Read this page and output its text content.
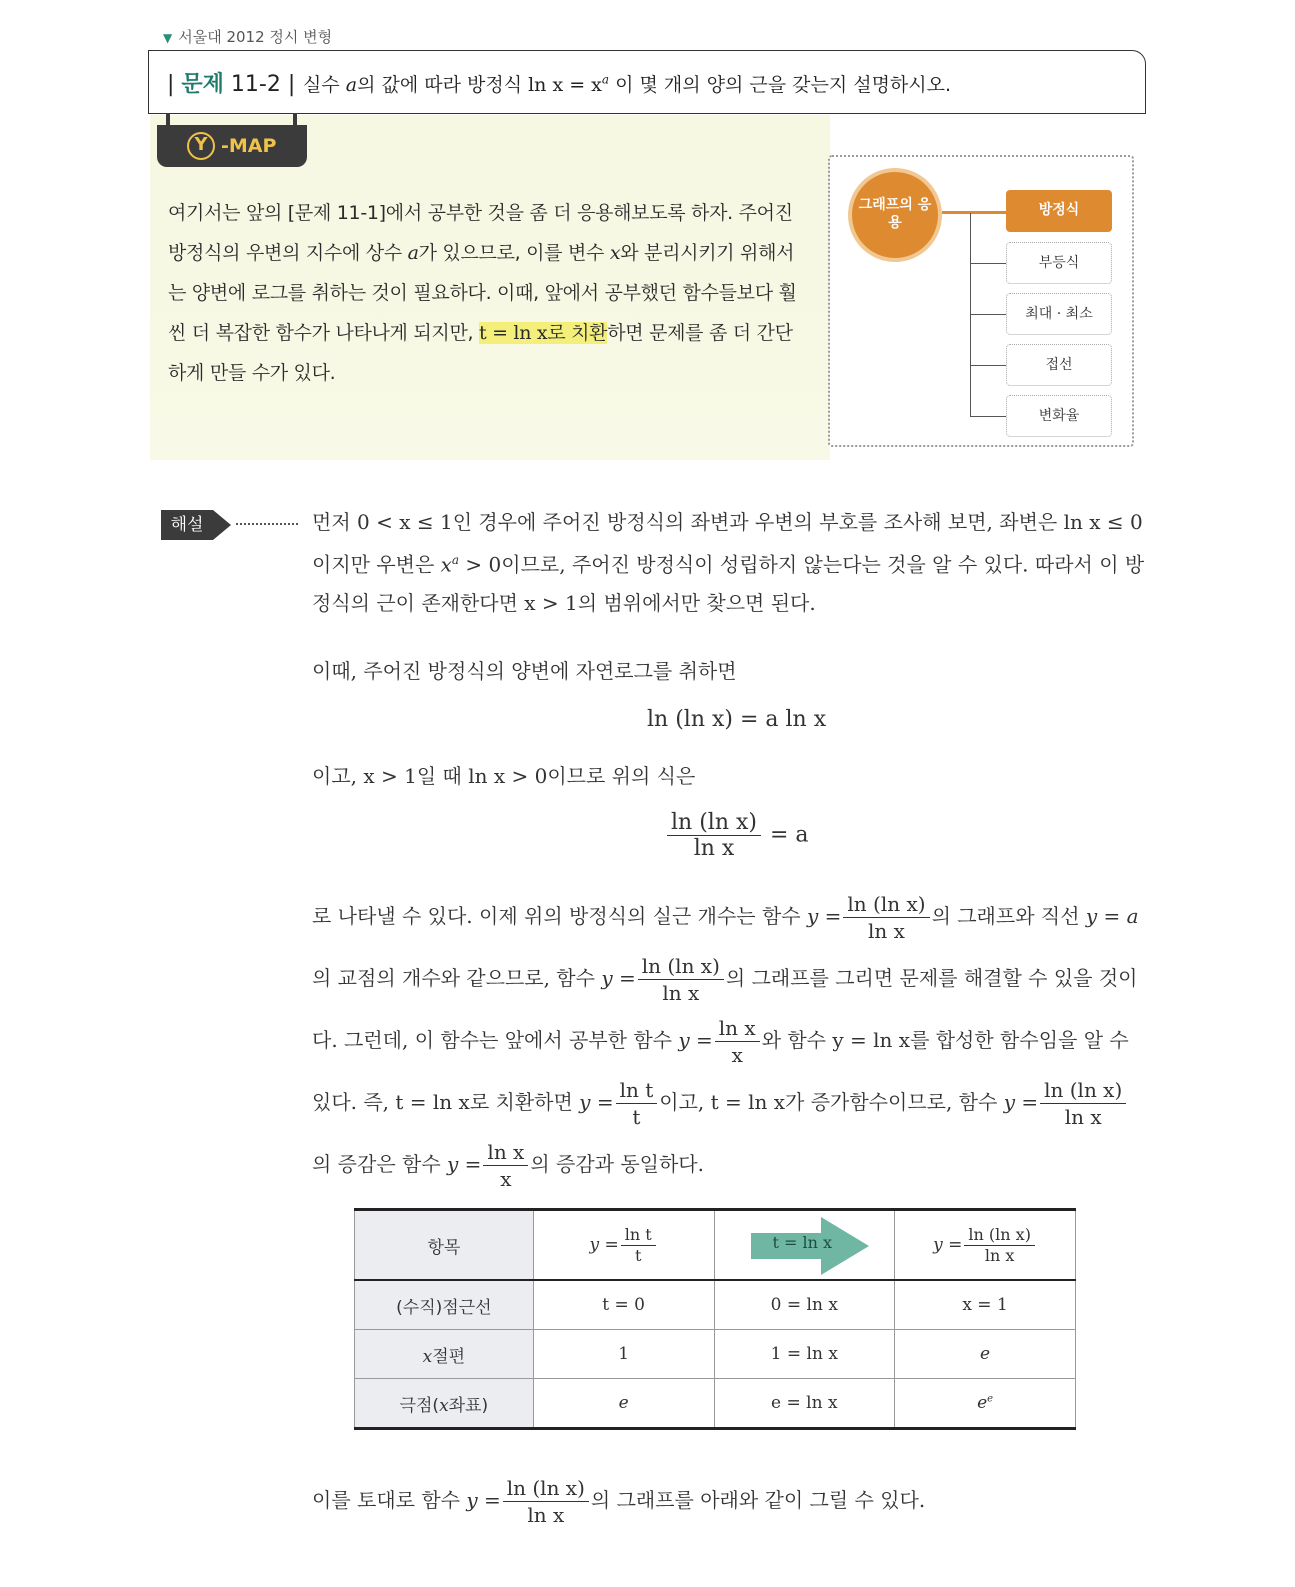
▼ 서울대 2012 정시 변형
| 문제 11-2 | 실수 a의 값에 따라 방정식 $\ln x = x^a$ 이 몇 개의 양의 근을 갖는지 설명하시오.
Y -MAP
여기서는 앞의 [문제 11-1]에서 공부한 것을 좀 더 응용해보도록 하자. 주어진 방정식의 우변의 지수에 상수 a가 있으므로, 이를 변수 x와 분리시키기 위해서는 양변에 로그를 취하는 것이 필요하다. 이때, 앞에서 공부했던 함수들보다 훨씬 더 복잡한 함수가 나타나게 되지만, t = ln x로 치환하면 문제를 좀 더 간단하게 만들 수가 있다.
그래프의 응용
방정식
부등식
최대 · 최소
접선
변화율
해설	먼저 0 < x ≤ 1인 경우에 주어진 방정식의 좌변과 우변의 부호를 조사해 보면, 좌변은 ln x ≤ 0이지만 우변은 $x^a > 0$이므로, 주어진 방정식이 성립하지 않는다는 것을 알 수 있다. 따라서 이 방정식의 근이 존재한다면 x > 1의 범위에서만 찾으면 된다.
이때, 주어진 방정식의 양변에 자연로그를 취하면
ln (ln x) = a ln x
이고, x > 1일 때 ln x > 0이므로 위의 식은
$\frac{\text{ln (ln x)}}{\text{ln x}} = a$
로 나타낼 수 있다. 이제 위의 방정식의 실근 개수는 함수 $y = \frac{\text{ln (ln x)}}{\text{ln x}}$ 의 그래프와 직선 y = a의 교점의 개수와 같으므로, 함수 $y = \frac{\text{ln (ln x)}}{\text{ln x}}$ 의 그래프를 그리면 문제를 해결할 수 있을 것이다. 그런데, 이 함수는 앞에서 공부한 함수 $y = \frac{\text{ln x}}{x}$ 와 함수 y = ln x를 합성한 함수임을 알 수 있다. 즉, t = ln x로 치환하면 $y = \frac{\text{ln t}}{t}$ 이고, t = ln x가 증가함수이므로, 함수 $y = \frac{\text{ln (ln x)}}{\text{ln x}}$
의 증감은 함수 $y = \frac{\text{ln x}}{x}$ 의 증감과 동일하다.
항목	$y = \frac{\text{ln t}}{t}$	t = ln x	$y = \frac{\text{ln (ln x)}}{\text{ln x}}$

(수직)점근선	t = 0	0 = ln x	x = 1
x절편	1	1 = ln x	e
극점(x좌표)	e	e = ln x	$e^e$
이를 토대로 함수 $y = \frac{\text{ln (ln x)}}{\text{ln x}}$ 의 그래프를 아래와 같이 그릴 수 있다.
